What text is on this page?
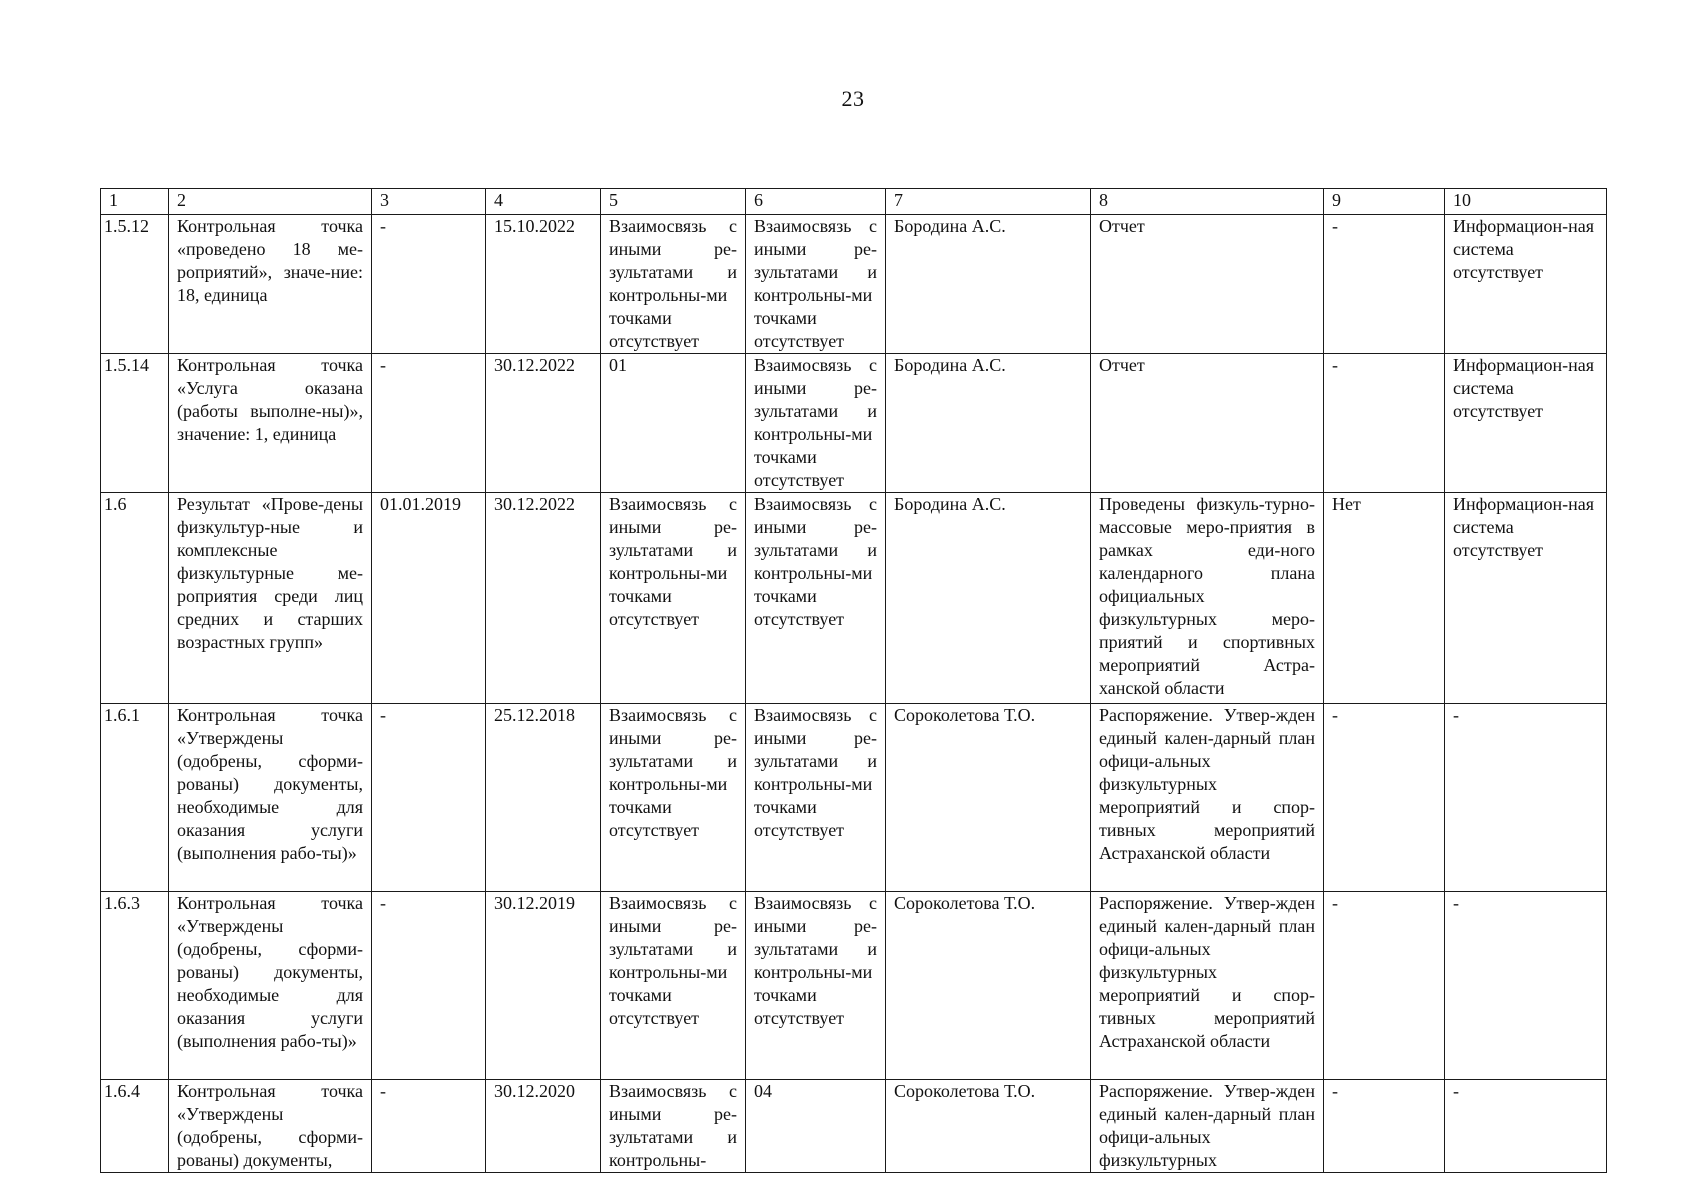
23
1	2	3	4	5	6	7	8	9	10
1.5.12	Контрольная точка «проведено 18 ме-роприятий», значе-ние: 18, единица	-	15.10.2022	Взаимосвязь с иными ре-зультатами и контрольны-ми точками отсутствует	Взаимосвязь с иными ре-зультатами и контрольны-ми точками отсутствует	Бородина А.С.	Отчет	-	Информацион-ная система отсутствует
1.5.14	Контрольная точка «Услуга оказана (работы выполне-ны)», значение: 1, единица	-	30.12.2022	01	Взаимосвязь с иными ре-зультатами и контрольны-ми точками отсутствует	Бородина А.С.	Отчет	-	Информацион-ная система отсутствует
1.6	Результат «Прове-дены физкультур-ные и комплексные физкультурные ме-роприятия среди лиц средних и старших возрастных групп»	01.01.2019	30.12.2022	Взаимосвязь с иными ре-зультатами и контрольны-ми точками отсутствует	Взаимосвязь с иными ре-зультатами и контрольны-ми точками отсутствует	Бородина А.С.	Проведены физкуль-турно-массовые меро-приятия в рамках еди-ного календарного плана официальных физкультурных меро-приятий и спортивных мероприятий Астра-ханской области	Нет	Информацион-ная система отсутствует
1.6.1	Контрольная точка «Утверждены (одобрены, сформи-рованы) документы, необходимые для оказания услуги (выполнения рабо-ты)»	-	25.12.2018	Взаимосвязь с иными ре-зультатами и контрольны-ми точками отсутствует	Взаимосвязь с иными ре-зультатами и контрольны-ми точками отсутствует	Сороколетова Т.О.	Распоряжение. Утвер-жден единый кален-дарный план офици-альных физкультурных мероприятий и спор-тивных мероприятий Астраханской области	-	-
1.6.3	Контрольная точка «Утверждены (одобрены, сформи-рованы) документы, необходимые для оказания услуги (выполнения рабо-ты)»	-	30.12.2019	Взаимосвязь с иными ре-зультатами и контрольны-ми точками отсутствует	Взаимосвязь с иными ре-зультатами и контрольны-ми точками отсутствует	Сороколетова Т.О.	Распоряжение. Утвер-жден единый кален-дарный план офици-альных физкультурных мероприятий и спор-тивных мероприятий Астраханской области	-	-
1.6.4	Контрольная точка «Утверждены (одобрены, сформи-рованы) документы,	-	30.12.2020	Взаимосвязь с иными ре-зультатами и контрольны-	04	Сороколетова Т.О.	Распоряжение. Утвер-жден единый кален-дарный план офици-альных физкультурных	-	-
